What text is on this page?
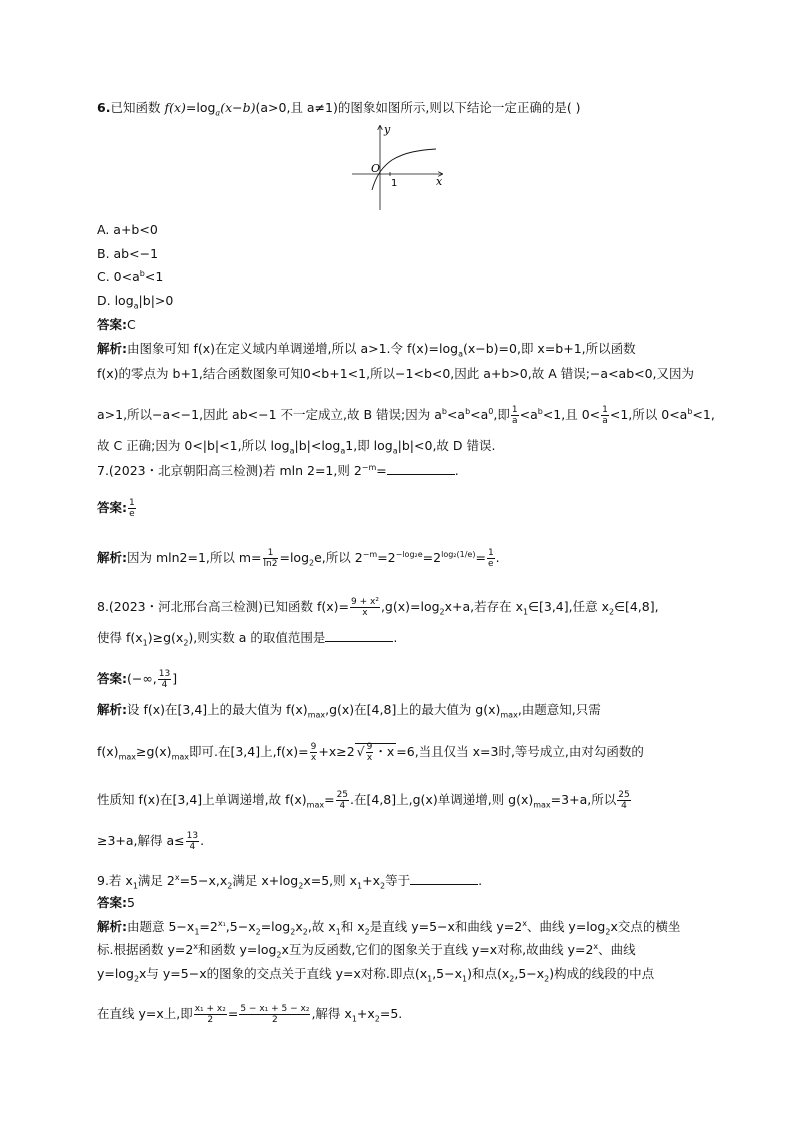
6.已知函数 $f(x)=\log_a(x-b)(a>0$,且 a≠1)的图象如图所示,则以下结论一定正确的是( )
y
O
1	x
A. a+b<0
B. ab<−1
C. $0<a^b<1$
D. $\log_a|b|>0$
答案:C
解析:由图象可知 f(x)在定义域内单调递增,所以 a>1.令 $f(x)=\log_a(x-b)=0$,即 x=b+1,所以函数
f(x)的零点为 b+1,结合函数图象可知0<b+1<1,所以−1<b<0,因此 a+b>0,故 A 错误;−a<ab<0,又因为
a>1,所以−a<−1,因此 ab<−1 不一定成立,故 B 错误;因为 $a^b<a^b<a^0$,即 $\frac{1}{a} <a^b<1$,且 $0< \frac{1}{a} <1$,所以 $0<a^b<1$,
故 C 正确;因为 0<|b|<1,所以 $\log_a|b|<\log_a1$,即 $\log_a|b|<0$,故 D 错误.
7.(2023・北京朝阳高三检测)若 mln 2=1,则 $2^{-m}=$	.
答案: $\frac{1}{e}$
解析:因为 mln2=1,所以 $m= \frac{1}{\ln 2} =\log_2e$,所以 $2^{-m}=2^{-log_2e}=2^{log_2(1/e)}= \frac{1}{e}$ .
8.(2023・河北邢台高三检测)已知函数 $f(x)= \frac{\text{9 + x²}}{x} ,g(x)=\log_2x+a$,若存在 $x_1\in[3,4]$,任意 $x_2\in[4,8]$,
使得 $f(x_1)\ge g(x_2)$,则实数 a 的取值范围是	.
答案:(−∞, $\frac{13}{4}$ ]
解析:设 f(x)在[3,4]上的最大值为 $f(x)_{max},g(x)$在[4,8]上的最大值为 $g(x)_{max}$,由题意知,只需
$f(x)_{max}\ge g(x)_{max}$即可.在[3,4]上$,f(x)= \frac{9}{x} +x\ge 2$ √ $\frac{9}{x}$ ・x =6,当且仅当 x=3时,等号成立,由对勾函数的
性质知 f(x)在[3,4]上单调递增,故 $f(x)_{max}= \frac{25}{4}$ .在[4,8]上,g(x)单调递增,则 $g(x)_{max}=3+a$,所以 $\frac{25}{4}$
≥3+a,解得 $a\le \frac{13}{4}$ .
9.若 $x_1$满足 $2^x=5-x,x_2$满足 $x+\log_2x=5$,则 $x_1+x_2$等于	.
答案:5
解析:由题意 $5-x_1=2^{x_1},5-x_2=\log_2x_2$,故 $x_1$和 $x_2$是直线 y=5−x和曲线 $y=2^x$、曲线 $y=\log_2x$交点的横坐
标.根据函数 $y=2^x$和函数 $y=\log_2x$互为反函数,它们的图象关于直线 y=x对称,故曲线 $y=2^x$、曲线
$y=\log_2x$与 y=5−x的图象的交点关于直线 y=x对称.即点$(x_1,5-x_1)$和点$(x_2,5-x_2)$构成的线段的中点
在直线 y=x上,即 $\frac{\text{x₁ + x₂}}{2} = \frac{\text{5 − x₁ + 5 − x₂}}{2}$ ,解得 $x_1+x_2=5$.
